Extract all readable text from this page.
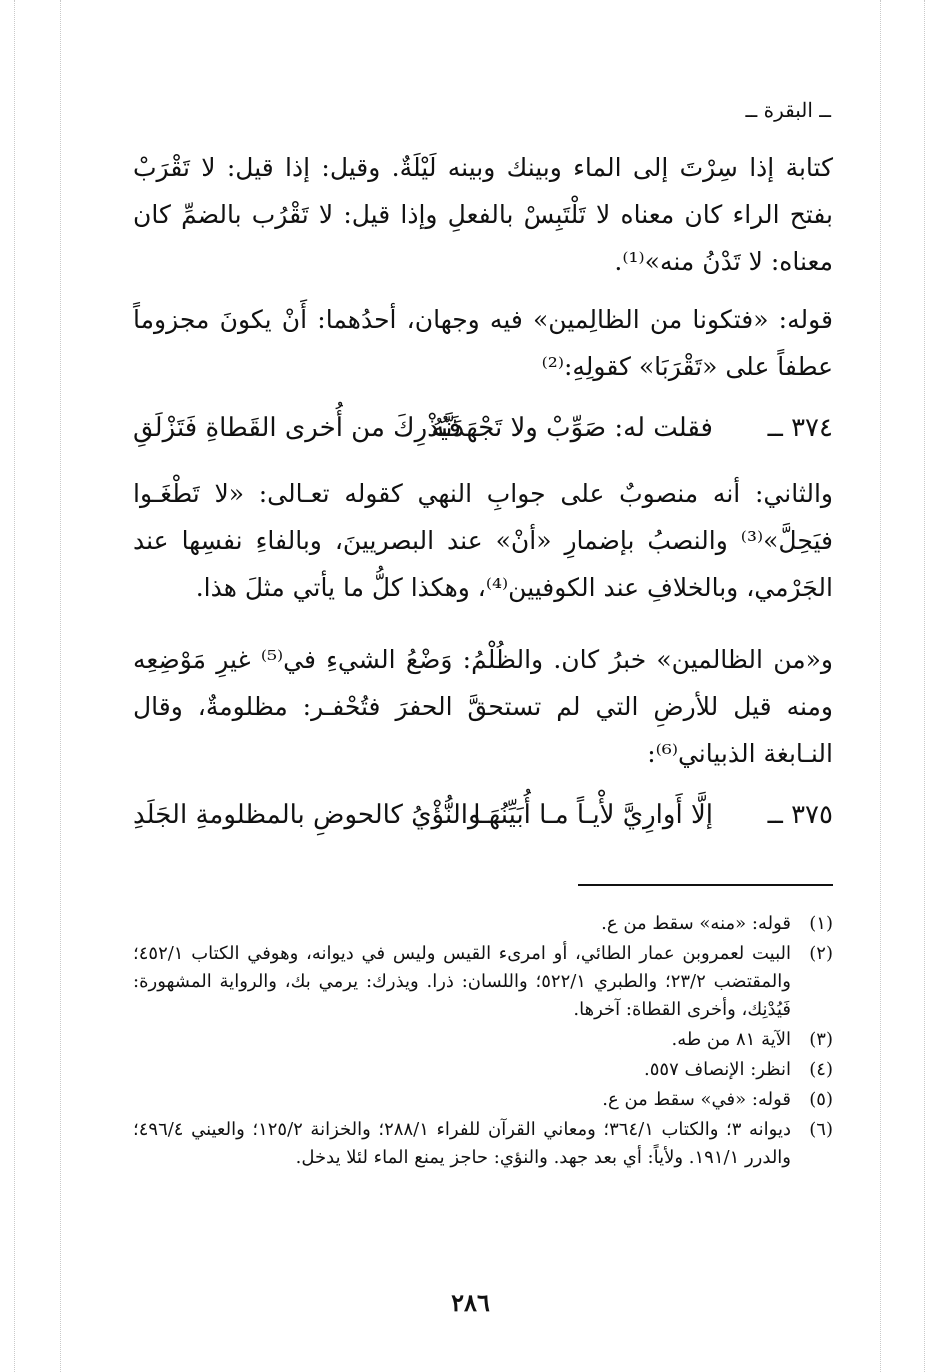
ــ البقرة ــ
كتابة إذا سِرْتَ إلى الماء وبينك وبينه لَيْلَةٌ. وقيل: إذا قيل: لا تَقْرَبْ بفتح الراء كان معناه لا تَلْتَبِسْ بالفعلِ وإذا قيل: لا تَقْرُب بالضمِّ كان معناه: لا تَدْنُ منه»⁽¹⁾.
قوله: «فتكونا من الظالِمين» فيه وجهان، أحدُهما: أَنْ يكونَ مجزوماً عطفاً على «تَقْرَبَا» كقولِهِ:⁽²⁾
٣٧٤ ــ
فقلت له: صَوِّبْ ولا تَجْهَدَنَّهُ
فَيُذْرِكَ من أُخرى القَطاةِ فَتَزْلَقِ
والثاني: أنه منصوبٌ على جوابِ النهي كقوله تعـالى: «لا تَطْغَـوا فيَحِلَّ»⁽³⁾ والنصبُ بإضمارِ «أنْ» عند البصريينَ، وبالفاءِ نفسِها عند الجَرْمي، وبالخلافِ عند الكوفيين⁽⁴⁾، وهكذا كلُّ ما يأتي مثلَ هذا.
و«من الظالمين» خبرُ كان. والظُلْمُ: وَضْعُ الشيءِ في⁽⁵⁾ غيرِ مَوْضِعِه ومنه قيل للأرضِ التي لم تستحقَّ الحفرَ فتُحْفـر: مظلومةٌ، وقال النـابغة الذبياني⁽⁶⁾:
٣٧٥ ــ
إلَّا أَوارِيَّ لأْيـاً مـا أُبَيِّنُهَـا
والنُّؤْيُ كالحوضِ بالمظلومةِ الجَلَدِ
(١)
قوله: «منه» سقط من ع.
(٢)
البيت لعمروبن عمار الطائي، أو امرىء القيس وليس في ديوانه، وهوفي الكتاب ٤٥٢/١؛ والمقتضب ٢٣/٢؛ والطبري ٥٢٢/١؛ واللسان: ذرا. ويذرك: يرمي بك، والرواية المشهورة: فَيُدْنِك، وأخرى القطاة: آخرها.
(٣)
الآية ٨١ من طه.
(٤)
انظر: الإنصاف ٥٥٧.
(٥)
قوله: «في» سقط من ع.
(٦)
ديوانه ٣؛ والكتاب ٣٦٤/١؛ ومعاني القرآن للفراء ٢٨٨/١؛ والخزانة ١٢٥/٢؛ والعيني ٤٩٦/٤؛ والدرر ١٩١/١. ولأياً: أي بعد جهد. والنؤي: حاجز يمنع الماء لئلا يدخل.
٢٨٦
